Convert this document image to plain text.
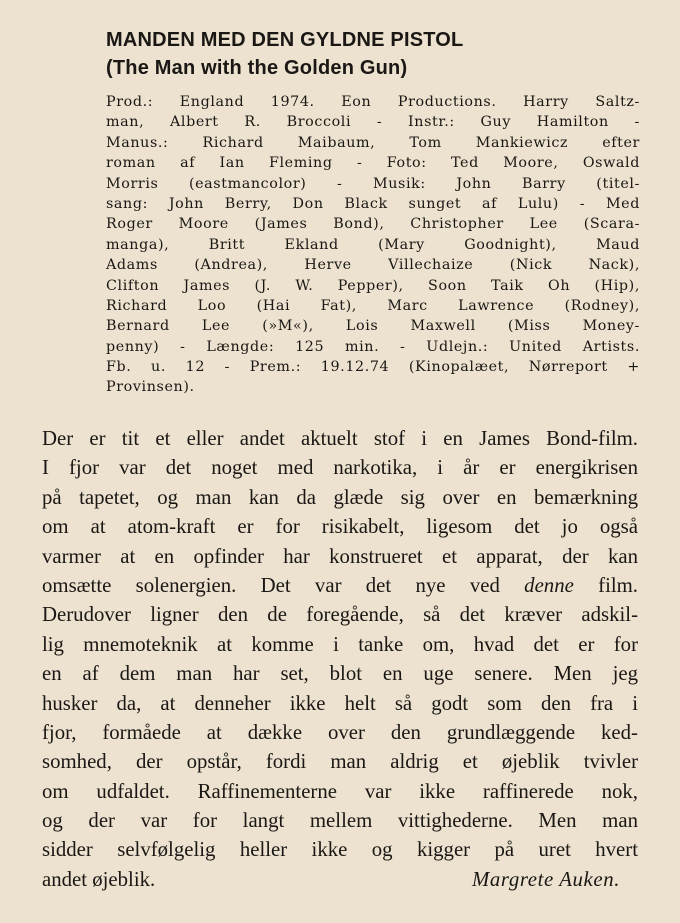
MANDEN MED DEN GYLDNE PISTOL
(The Man with the Golden Gun)
Prod.: England 1974. Eon Productions. Harry Saltz-
man, Albert R. Broccoli - Instr.: Guy Hamilton -
Manus.: Richard Maibaum, Tom Mankiewicz efter
roman af Ian Fleming - Foto: Ted Moore, Oswald
Morris (eastmancolor) - Musik: John Barry (titel-
sang: John Berry, Don Black sunget af Lulu) - Med
Roger Moore (James Bond), Christopher Lee (Scara-
manga), Britt Ekland (Mary Goodnight), Maud
Adams (Andrea), Herve Villechaize (Nick Nack),
Clifton James (J. W. Pepper), Soon Taik Oh (Hip),
Richard Loo (Hai Fat), Marc Lawrence (Rodney),
Bernard Lee (»M«), Lois Maxwell (Miss Money-
penny) - Længde: 125 min. - Udlejn.: United Artists.
Fb. u. 12 - Prem.: 19.12.74 (Kinopalæet, Nørreport +
Provinsen).
Der er tit et eller andet aktuelt stof i en James Bond-film.
I fjor var det noget med narkotika, i år er energikrisen
på tapetet, og man kan da glæde sig over en bemærkning
om at atom-kraft er for risikabelt, ligesom det jo også
varmer at en opfinder har konstrueret et apparat, der kan
omsætte solenergien. Det var det nye ved denne film.
Derudover ligner den de foregående, så det kræver adskil-
lig mnemoteknik at komme i tanke om, hvad det er for
en af dem man har set, blot en uge senere. Men jeg
husker da, at denneher ikke helt så godt som den fra i
fjor, formåede at dække over den grundlæggende ked-
somhed, der opstår, fordi man aldrig et øjeblik tvivler
om udfaldet. Raffinementerne var ikke raffinerede nok,
og der var for langt mellem vittighederne. Men man
sidder selvfølgelig heller ikke og kigger på uret hvert
andet øjeblik.	Margrete Auken.
